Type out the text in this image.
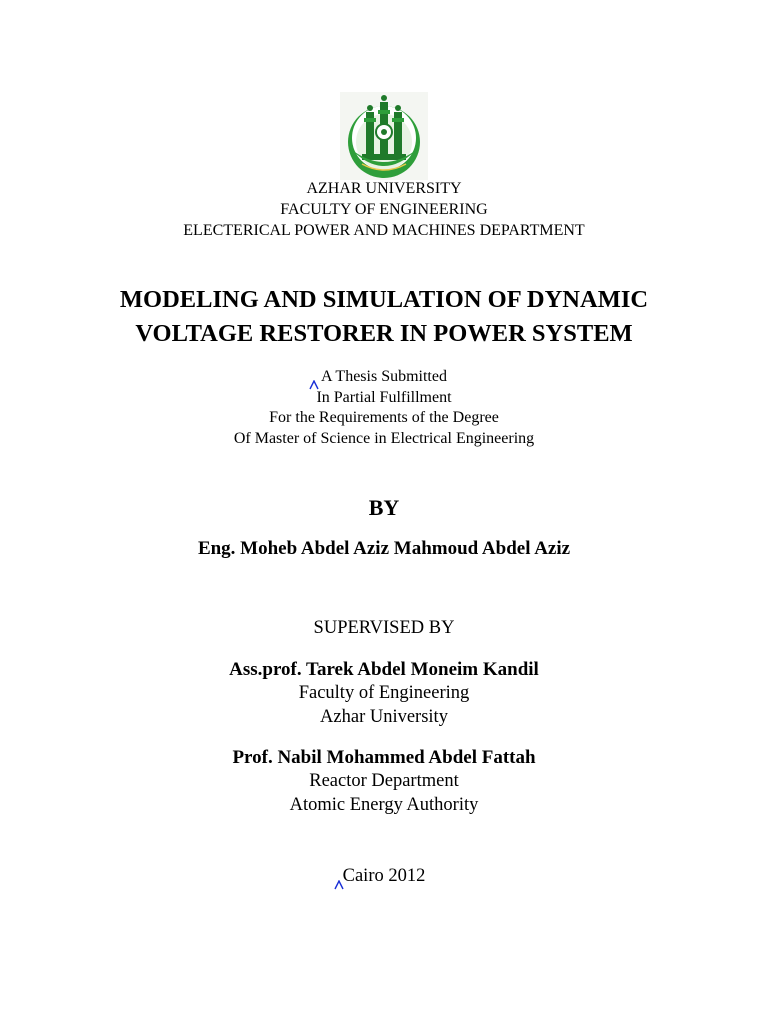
AZHAR UNIVERSITY
FACULTY OF ENGINEERING
ELECTERICAL POWER AND MACHINES DEPARTMENT
MODELING AND SIMULATION OF DYNAMIC
VOLTAGE RESTORER IN POWER SYSTEM
A Thesis Submitted
In Partial Fulfillment
For the Requirements of the Degree
Of Master of Science in Electrical Engineering
BY
Eng. Moheb Abdel Aziz Mahmoud Abdel Aziz
SUPERVISED BY
Ass.prof. Tarek Abdel Moneim Kandil
Faculty of Engineering
Azhar University
Prof. Nabil Mohammed Abdel Fattah
Reactor Department
Atomic Energy Authority
Cairo 2012
